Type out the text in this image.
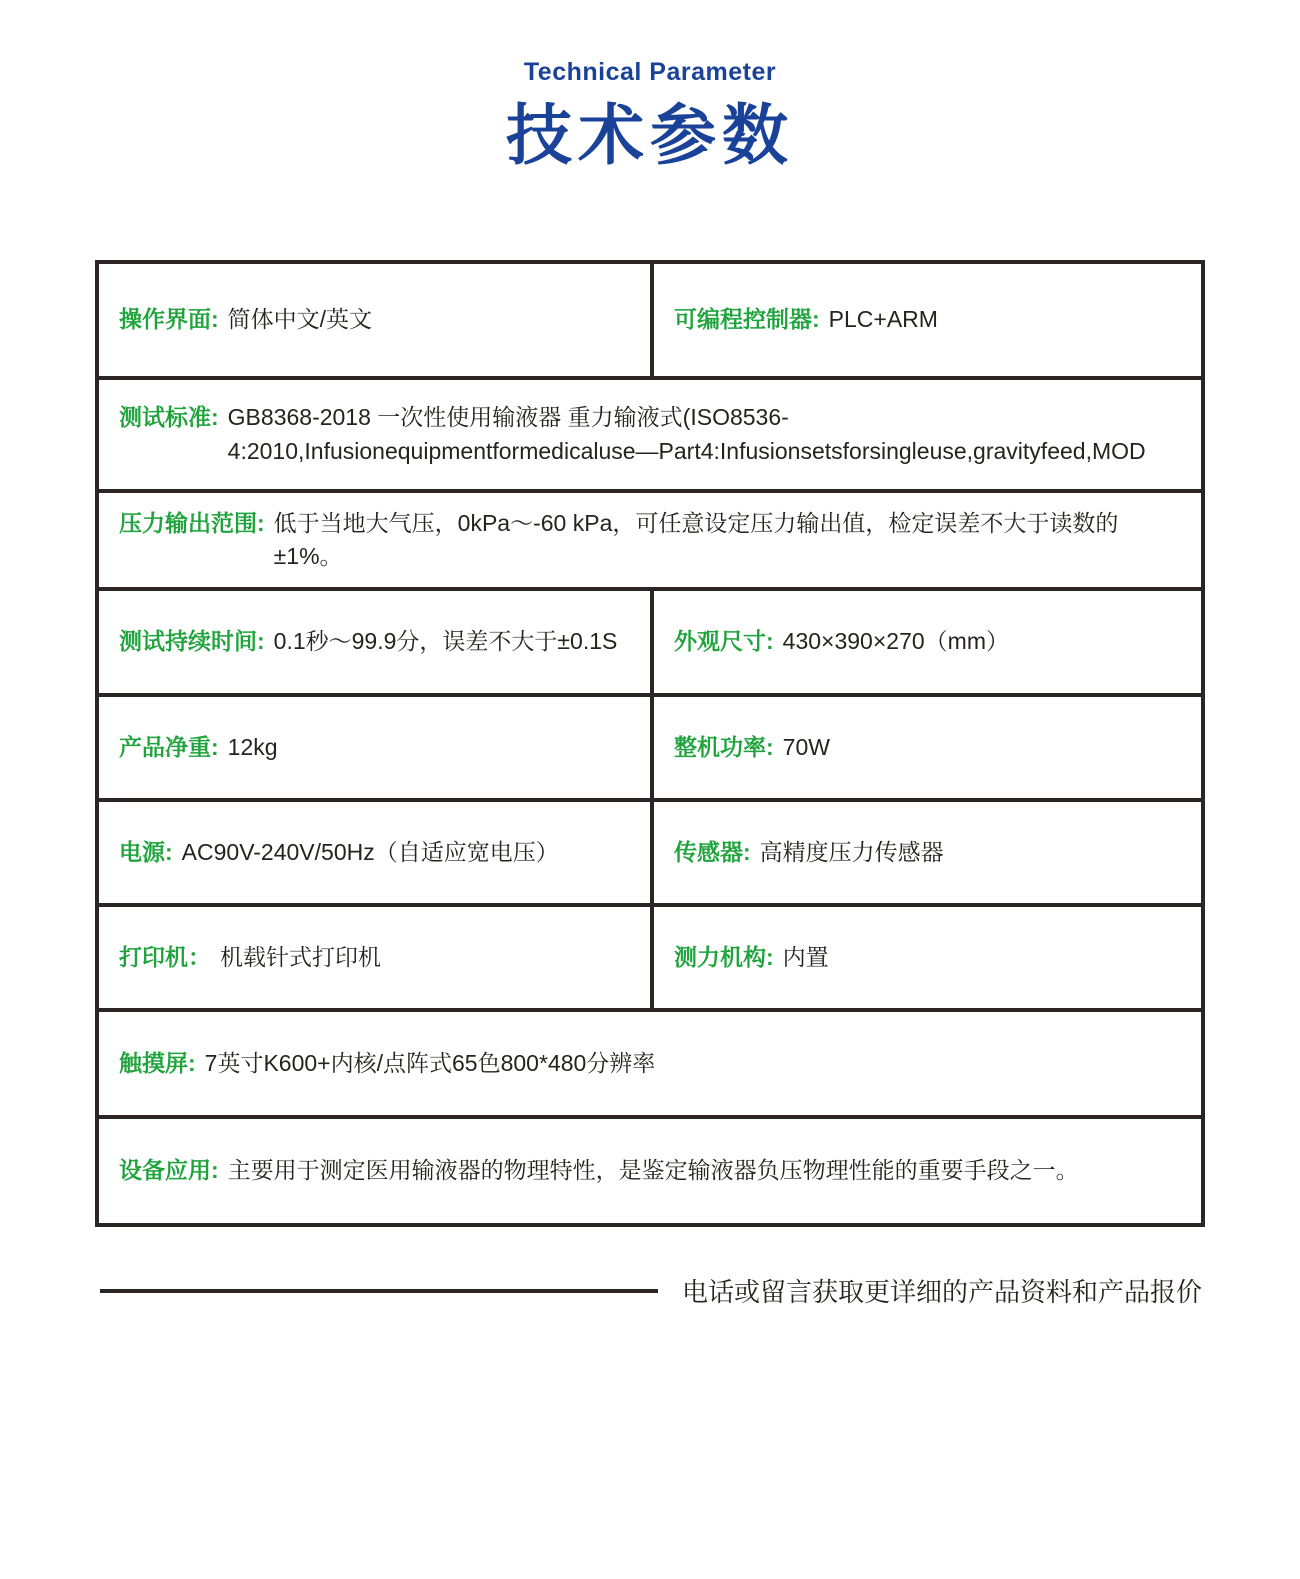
Technical Parameter
技术参数
操作界面: 简体中文/英文	可编程控制器: PLC+ARM
测试标准: GB8368-2018 一次性使用输液器 重力输液式(ISO8536-4:2010,Infusionequipmentformedicaluse—Part4:Infusionsetsforsingleuse,gravityfeed,MOD
压力输出范围: 低于当地大气压，0kPa～-60 kPa，可任意设定压力输出值，检定误差不大于读数的±1%。
测试持续时间: 0.1秒～99.9分，误差不大于±0.1S	外观尺寸: 430×390×270（mm）
产品净重: 12kg	整机功率: 70W
电源: AC90V-240V/50Hz（自适应宽电压）	传感器: 高精度压力传感器
打印机： 机载针式打印机	测力机构: 内置
触摸屏: 7英寸K600+内核/点阵式65色800*480分辨率
设备应用: 主要用于测定医用输液器的物理特性，是鉴定输液器负压物理性能的重要手段之一。
电话或留言获取更详细的产品资料和产品报价
